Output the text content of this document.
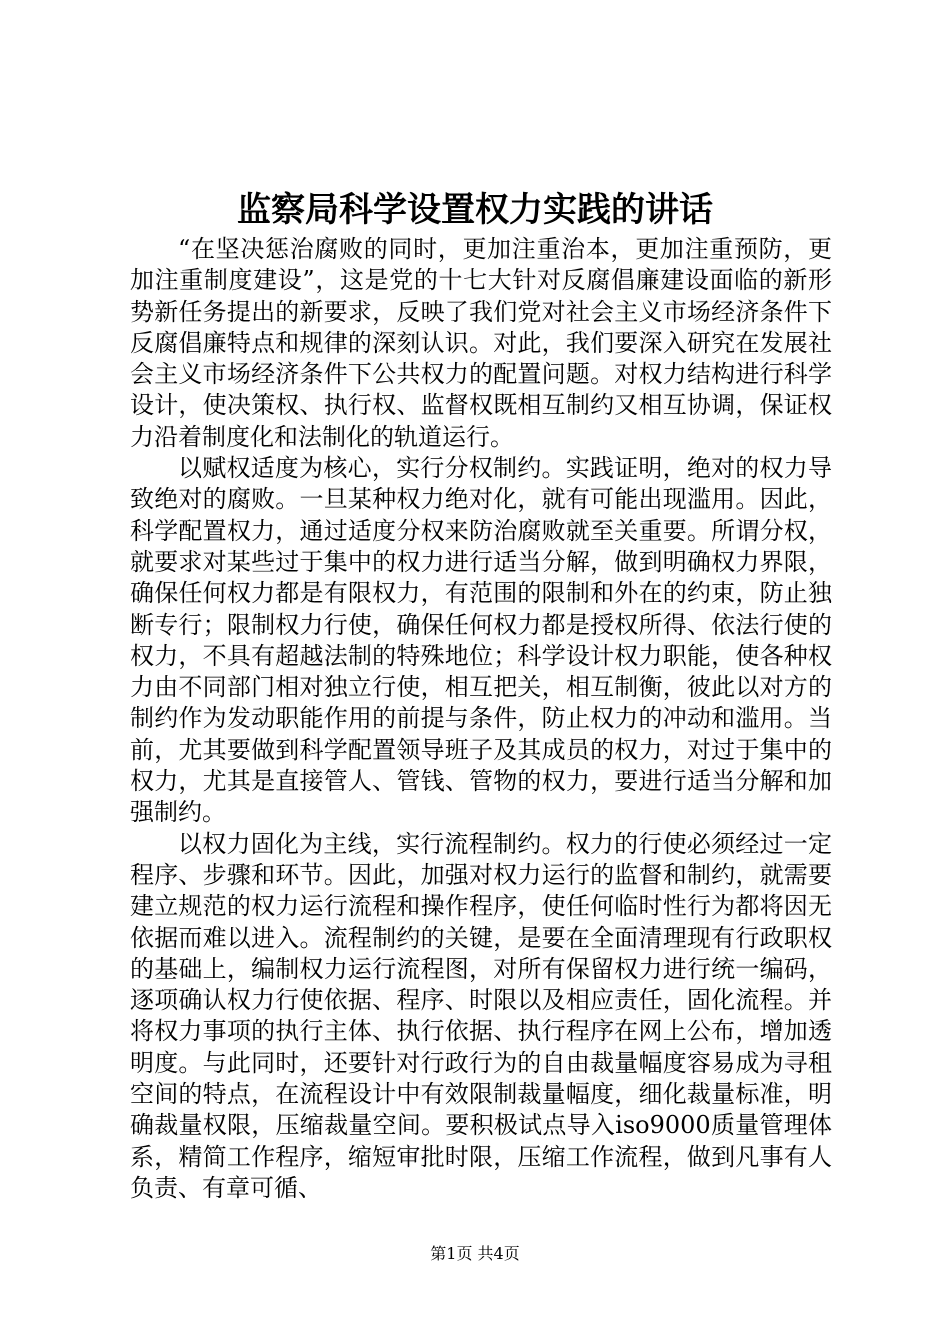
监察局科学设置权力实践的讲话

“在坚决惩治腐败的同时，更加注重治本，更加注重预防，更加注重制度建设”，这是党的十七大针对反腐倡廉建设面临的新形势新任务提出的新要求，反映了我们党对社会主义市场经济条件下反腐倡廉特点和规律的深刻认识。对此，我们要深入研究在发展社会主义市场经济条件下公共权力的配置问题。对权力结构进行科学设计，使决策权、执行权、监督权既相互制约又相互协调，保证权力沿着制度化和法制化的轨道运行。

以赋权适度为核心，实行分权制约。实践证明，绝对的权力导致绝对的腐败。一旦某种权力绝对化，就有可能出现滥用。因此，科学配置权力，通过适度分权来防治腐败就至关重要。所谓分权，就要求对某些过于集中的权力进行适当分解，做到明确权力界限，确保任何权力都是有限权力，有范围的限制和外在的约束，防止独断专行；限制权力行使，确保任何权力都是授权所得、依法行使的权力，不具有超越法制的特殊地位；科学设计权力职能，使各种权力由不同部门相对独立行使，相互把关，相互制衡，彼此以对方的制约作为发动职能作用的前提与条件，防止权力的冲动和滥用。当前，尤其要做到科学配置领导班子及其成员的权力，对过于集中的权力，尤其是直接管人、管钱、管物的权力，要进行适当分解和加强制约。

以权力固化为主线，实行流程制约。权力的行使必须经过一定程序、步骤和环节。因此，加强对权力运行的监督和制约，就需要建立规范的权力运行流程和操作程序，使任何临时性行为都将因无依据而难以进入。流程制约的关键，是要在全面清理现有行政职权的基础上，编制权力运行流程图，对所有保留权力进行统一编码，逐项确认权力行使依据、程序、时限以及相应责任，固化流程。并将权力事项的执行主体、执行依据、执行程序在网上公布，增加透明度。与此同时，还要针对行政行为的自由裁量幅度容易成为寻租空间的特点，在流程设计中有效限制裁量幅度，细化裁量标准，明确裁量权限，压缩裁量空间。要积极试点导入iso9000质量管理体系，精简工作程序，缩短审批时限，压缩工作流程，做到凡事有人负责、有章可循、

第1页 共4页
